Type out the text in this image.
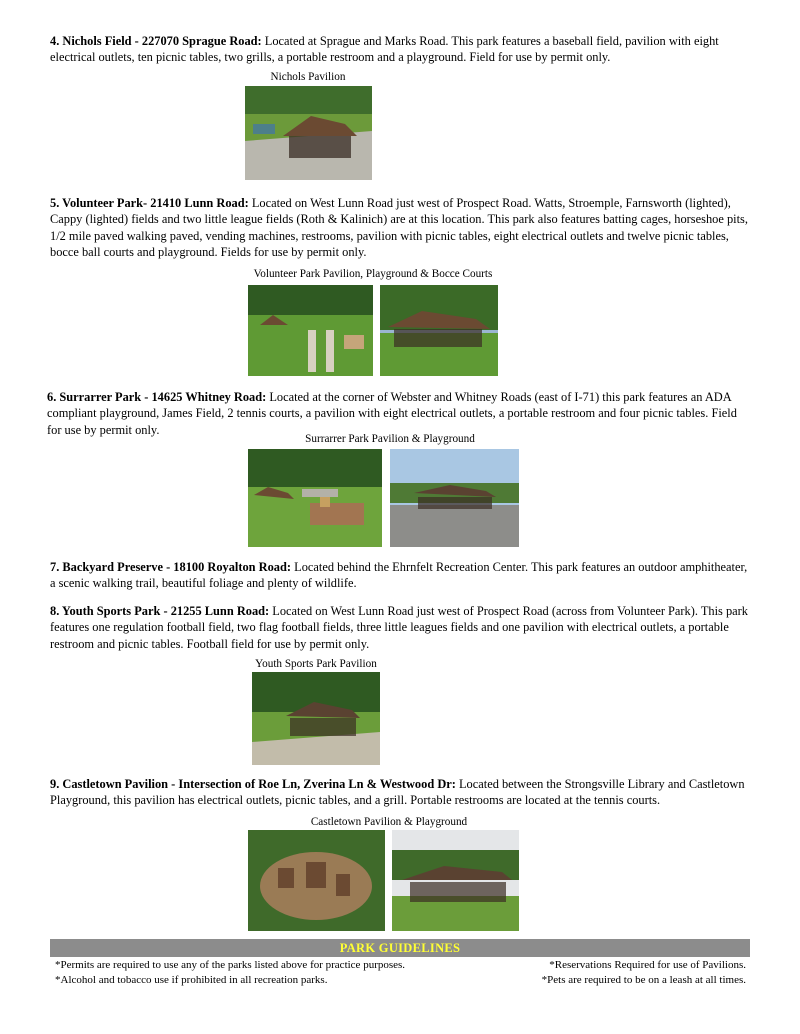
4. Nichols Field - 227070 Sprague Road: Located at Sprague and Marks Road. This park features a baseball field, pavilion with eight electrical outlets, ten picnic tables, two grills, a portable restroom and a playground. Field for use by permit only.

Nichols Pavilion

5. Volunteer Park- 21410 Lunn Road: Located on West Lunn Road just west of Prospect Road. Watts, Stroemple, Farnsworth (lighted), Cappy (lighted) fields and two little league fields (Roth & Kalinich) are at this location. This park also features batting cages, horseshoe pits, 1/2 mile paved walking paved, vending machines, restrooms, pavilion with picnic tables, eight electrical outlets and twelve picnic tables, bocce ball courts and playground. Fields for use by permit only.

Volunteer Park Pavilion, Playground & Bocce Courts

6. Surrarrer Park - 14625 Whitney Road: Located at the corner of Webster and Whitney Roads (east of I-71) this park features an ADA compliant playground, James Field, 2 tennis courts, a pavilion with eight electrical outlets, a portable restroom and four picnic tables. Field for use by permit only.

Surrarrer Park Pavilion & Playground

7. Backyard Preserve - 18100 Royalton Road: Located behind the Ehrnfelt Recreation Center. This park features an outdoor amphitheater, a scenic walking trail, beautiful foliage and plenty of wildlife.

8. Youth Sports Park - 21255 Lunn Road: Located on West Lunn Road just west of Prospect Road (across from Volunteer Park). This park features one regulation football field, two flag football fields, three little leagues fields and one pavilion with electrical outlets, a portable restroom and picnic tables. Football field for use by permit only.

Youth Sports Park Pavilion

9. Castletown Pavilion - Intersection of Roe Ln, Zverina Ln & Westwood Dr: Located between the Strongsville Library and Castletown Playground, this pavilion has electrical outlets, picnic tables, and a grill. Portable restrooms are located at the tennis courts.

Castletown Pavilion & Playground
PARK GUIDELINES
*Permits are required to use any of the parks listed above for practice purposes.	*Reservations Required for use of Pavilions.
*Alcohol and tobacco use if prohibited in all recreation parks.	*Pets are required to be on a leash at all times.
